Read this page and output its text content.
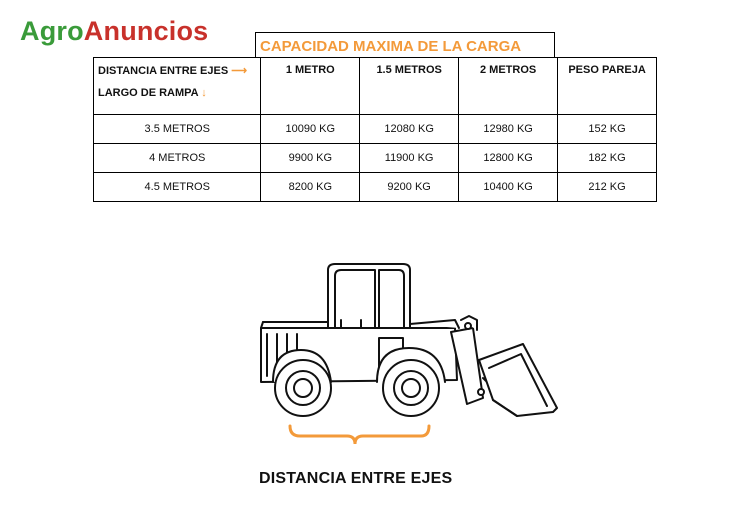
AgroAnuncios
CAPACIDAD MAXIMA DE LA CARGA
DISTANCIA ENTRE EJES ⟶
LARGO DE RAMPA ↓	1 METRO	1.5 METROS	2 METROS	PESO PAREJA
3.5 METROS	10090 KG	12080 KG	12980 KG	152 KG
4 METROS	9900 KG	11900 KG	12800 KG	182 KG
4.5 METROS	8200 KG	9200 KG	10400 KG	212 KG
DISTANCIA ENTRE EJES
